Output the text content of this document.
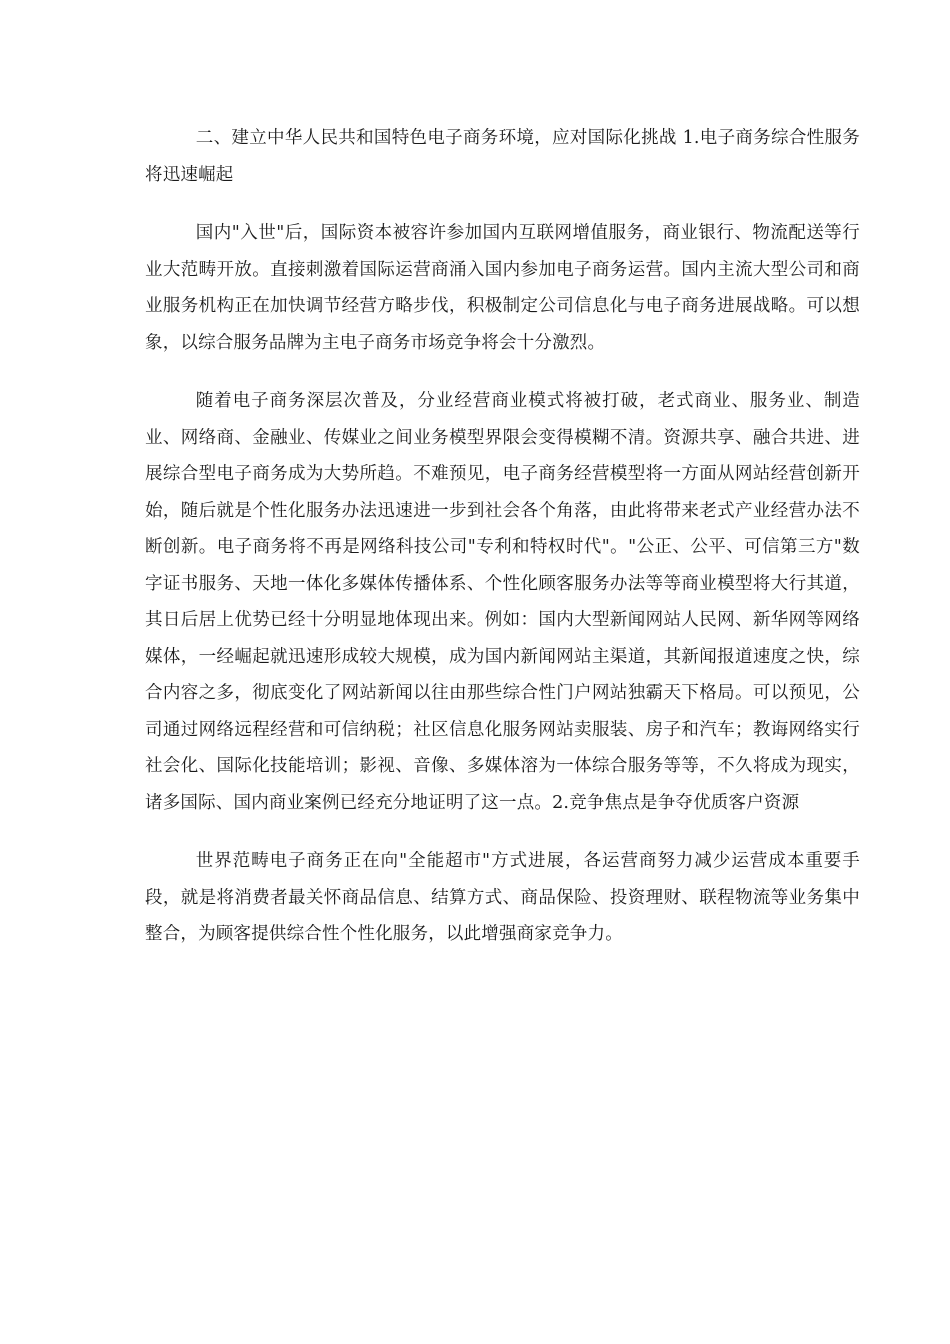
二、建立中华人民共和国特色电子商务环境，应对国际化挑战 1.电子商务综合性服务将迅速崛起

国内"入世"后，国际资本被容许参加国内互联网增值服务，商业银行、物流配送等行业大范畴开放。直接刺激着国际运营商涌入国内参加电子商务运营。国内主流大型公司和商业服务机构正在加快调节经营方略步伐，积极制定公司信息化与电子商务进展战略。可以想象，以综合服务品牌为主电子商务市场竞争将会十分激烈。

随着电子商务深层次普及，分业经营商业模式将被打破，老式商业、服务业、制造业、网络商、金融业、传媒业之间业务模型界限会变得模糊不清。资源共享、融合共进、进展综合型电子商务成为大势所趋。不难预见，电子商务经营模型将一方面从网站经营创新开始，随后就是个性化服务办法迅速进一步到社会各个角落，由此将带来老式产业经营办法不断创新。电子商务将不再是网络科技公司"专利和特权时代"。"公正、公平、可信第三方"数字证书服务、天地一体化多媒体传播体系、个性化顾客服务办法等等商业模型将大行其道，其日后居上优势已经十分明显地体现出来。例如：国内大型新闻网站人民网、新华网等网络媒体，一经崛起就迅速形成较大规模，成为国内新闻网站主渠道，其新闻报道速度之快，综合内容之多，彻底变化了网站新闻以往由那些综合性门户网站独霸天下格局。可以预见，公司通过网络远程经营和可信纳税；社区信息化服务网站卖服装、房子和汽车；教诲网络实行社会化、国际化技能培训；影视、音像、多媒体溶为一体综合服务等等，不久将成为现实，诸多国际、国内商业案例已经充分地证明了这一点。2.竞争焦点是争夺优质客户资源

世界范畴电子商务正在向"全能超市"方式进展，各运营商努力减少运营成本重要手段，就是将消费者最关怀商品信息、结算方式、商品保险、投资理财、联程物流等业务集中整合，为顾客提供综合性个性化服务，以此增强商家竞争力。
